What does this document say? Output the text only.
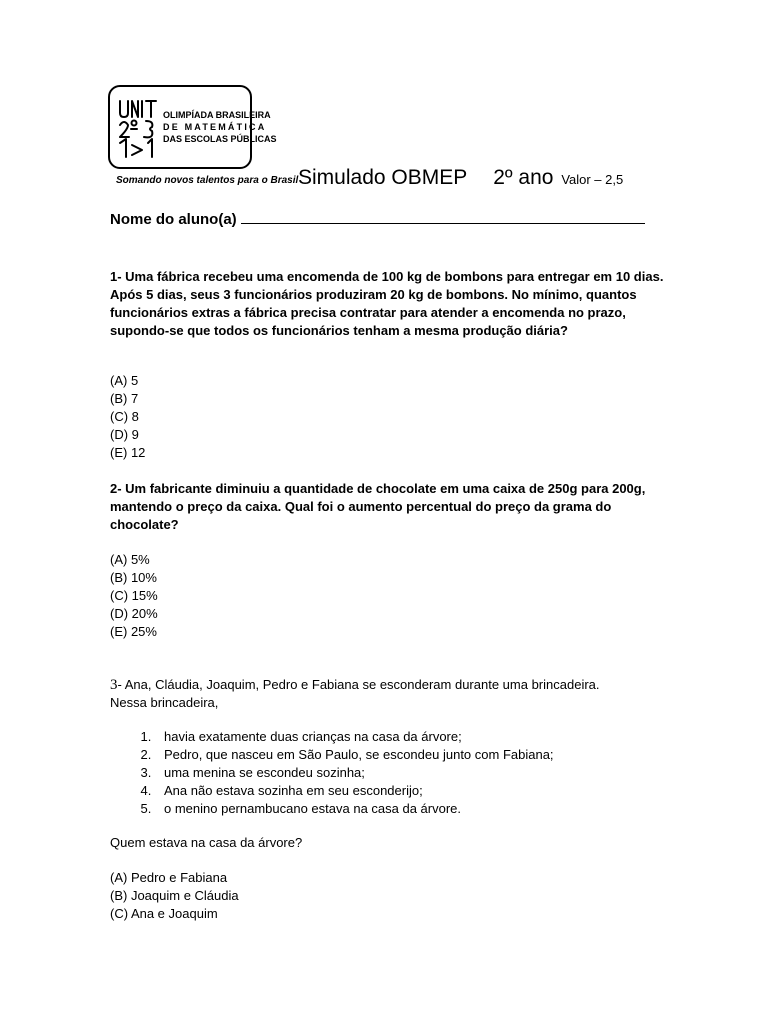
OLIMPÍADA BRASILEIRA
DE MATEMÁTICA
DAS ESCOLAS PÚBLICAS
Somando novos talentos para o Brasil Simulado OBMEP 2º ano Valor – 2,5
Nome do aluno(a)
1- Uma fábrica recebeu uma encomenda de 100 kg de bombons para entregar em 10 dias. Após 5 dias, seus 3 funcionários produziram 20 kg de bombons. No mínimo, quantos funcionários extras a fábrica precisa contratar para atender a encomenda no prazo, supondo-se que todos os funcionários tenham a mesma produção diária?
(A) 5
(B) 7
(C) 8
(D) 9
(E) 12
2- Um fabricante diminuiu a quantidade de chocolate em uma caixa de 250g para 200g, mantendo o preço da caixa. Qual foi o aumento percentual do preço da grama do chocolate?
(A) 5%
(B) 10%
(C) 15%
(D) 20%
(E) 25%
3- Ana, Cláudia, Joaquim, Pedro e Fabiana se esconderam durante uma brincadeira.
Nessa brincadeira,
1. havia exatamente duas crianças na casa da árvore;
2. Pedro, que nasceu em São Paulo, se escondeu junto com Fabiana;
3. uma menina se escondeu sozinha;
4. Ana não estava sozinha em seu esconderijo;
5. o menino pernambucano estava na casa da árvore.
Quem estava na casa da árvore?
(A) Pedro e Fabiana
(B) Joaquim e Cláudia
(C) Ana e Joaquim
